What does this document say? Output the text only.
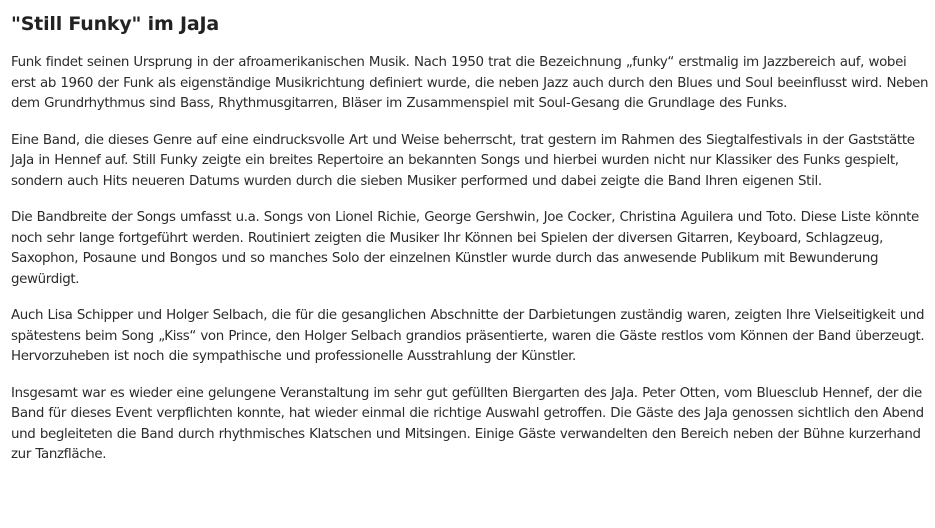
"Still Funky" im JaJa

Funk findet seinen Ursprung in der afroamerikanischen Musik. Nach 1950 trat die Bezeichnung „funky“ erstmalig im Jazzbereich auf, wobei erst ab 1960 der Funk als eigenständige Musikrichtung definiert wurde, die neben Jazz auch durch den Blues und Soul beeinflusst wird. Neben dem Grundrhythmus sind Bass, Rhythmusgitarren, Bläser im Zusammenspiel mit Soul-Gesang die Grundlage des Funks.

Eine Band, die dieses Genre auf eine eindrucksvolle Art und Weise beherrscht, trat gestern im Rahmen des Siegtalfestivals in der Gaststätte JaJa in Hennef auf. Still Funky zeigte ein breites Repertoire an bekannten Songs und hierbei wurden nicht nur Klassiker des Funks gespielt, sondern auch Hits neueren Datums wurden durch die sieben Musiker performed und dabei zeigte die Band Ihren eigenen Stil.

Die Bandbreite der Songs umfasst u.a. Songs von Lionel Richie, George Gershwin, Joe Cocker, Christina Aguilera und Toto. Diese Liste könnte noch sehr lange fortgeführt werden. Routiniert zeigten die Musiker Ihr Können bei Spielen der diversen Gitarren, Keyboard, Schlagzeug, Saxophon, Posaune und Bongos und so manches Solo der einzelnen Künstler wurde durch das anwesende Publikum mit Bewunderung gewürdigt.

Auch Lisa Schipper und Holger Selbach, die für die gesanglichen Abschnitte der Darbietungen zuständig waren, zeigten Ihre Vielseitigkeit und spätestens beim Song „Kiss“ von Prince, den Holger Selbach grandios präsentierte, waren die Gäste restlos vom Können der Band überzeugt. Hervorzuheben ist noch die sympathische und professionelle Ausstrahlung der Künstler.

Insgesamt war es wieder eine gelungene Veranstaltung im sehr gut gefüllten Biergarten des JaJa. Peter Otten, vom Bluesclub Hennef, der die Band für dieses Event verpflichten konnte, hat wieder einmal die richtige Auswahl getroffen. Die Gäste des JaJa genossen sichtlich den Abend und begleiteten die Band durch rhythmisches Klatschen und Mitsingen. Einige Gäste verwandelten den Bereich neben der Bühne kurzerhand zur Tanzfläche.
